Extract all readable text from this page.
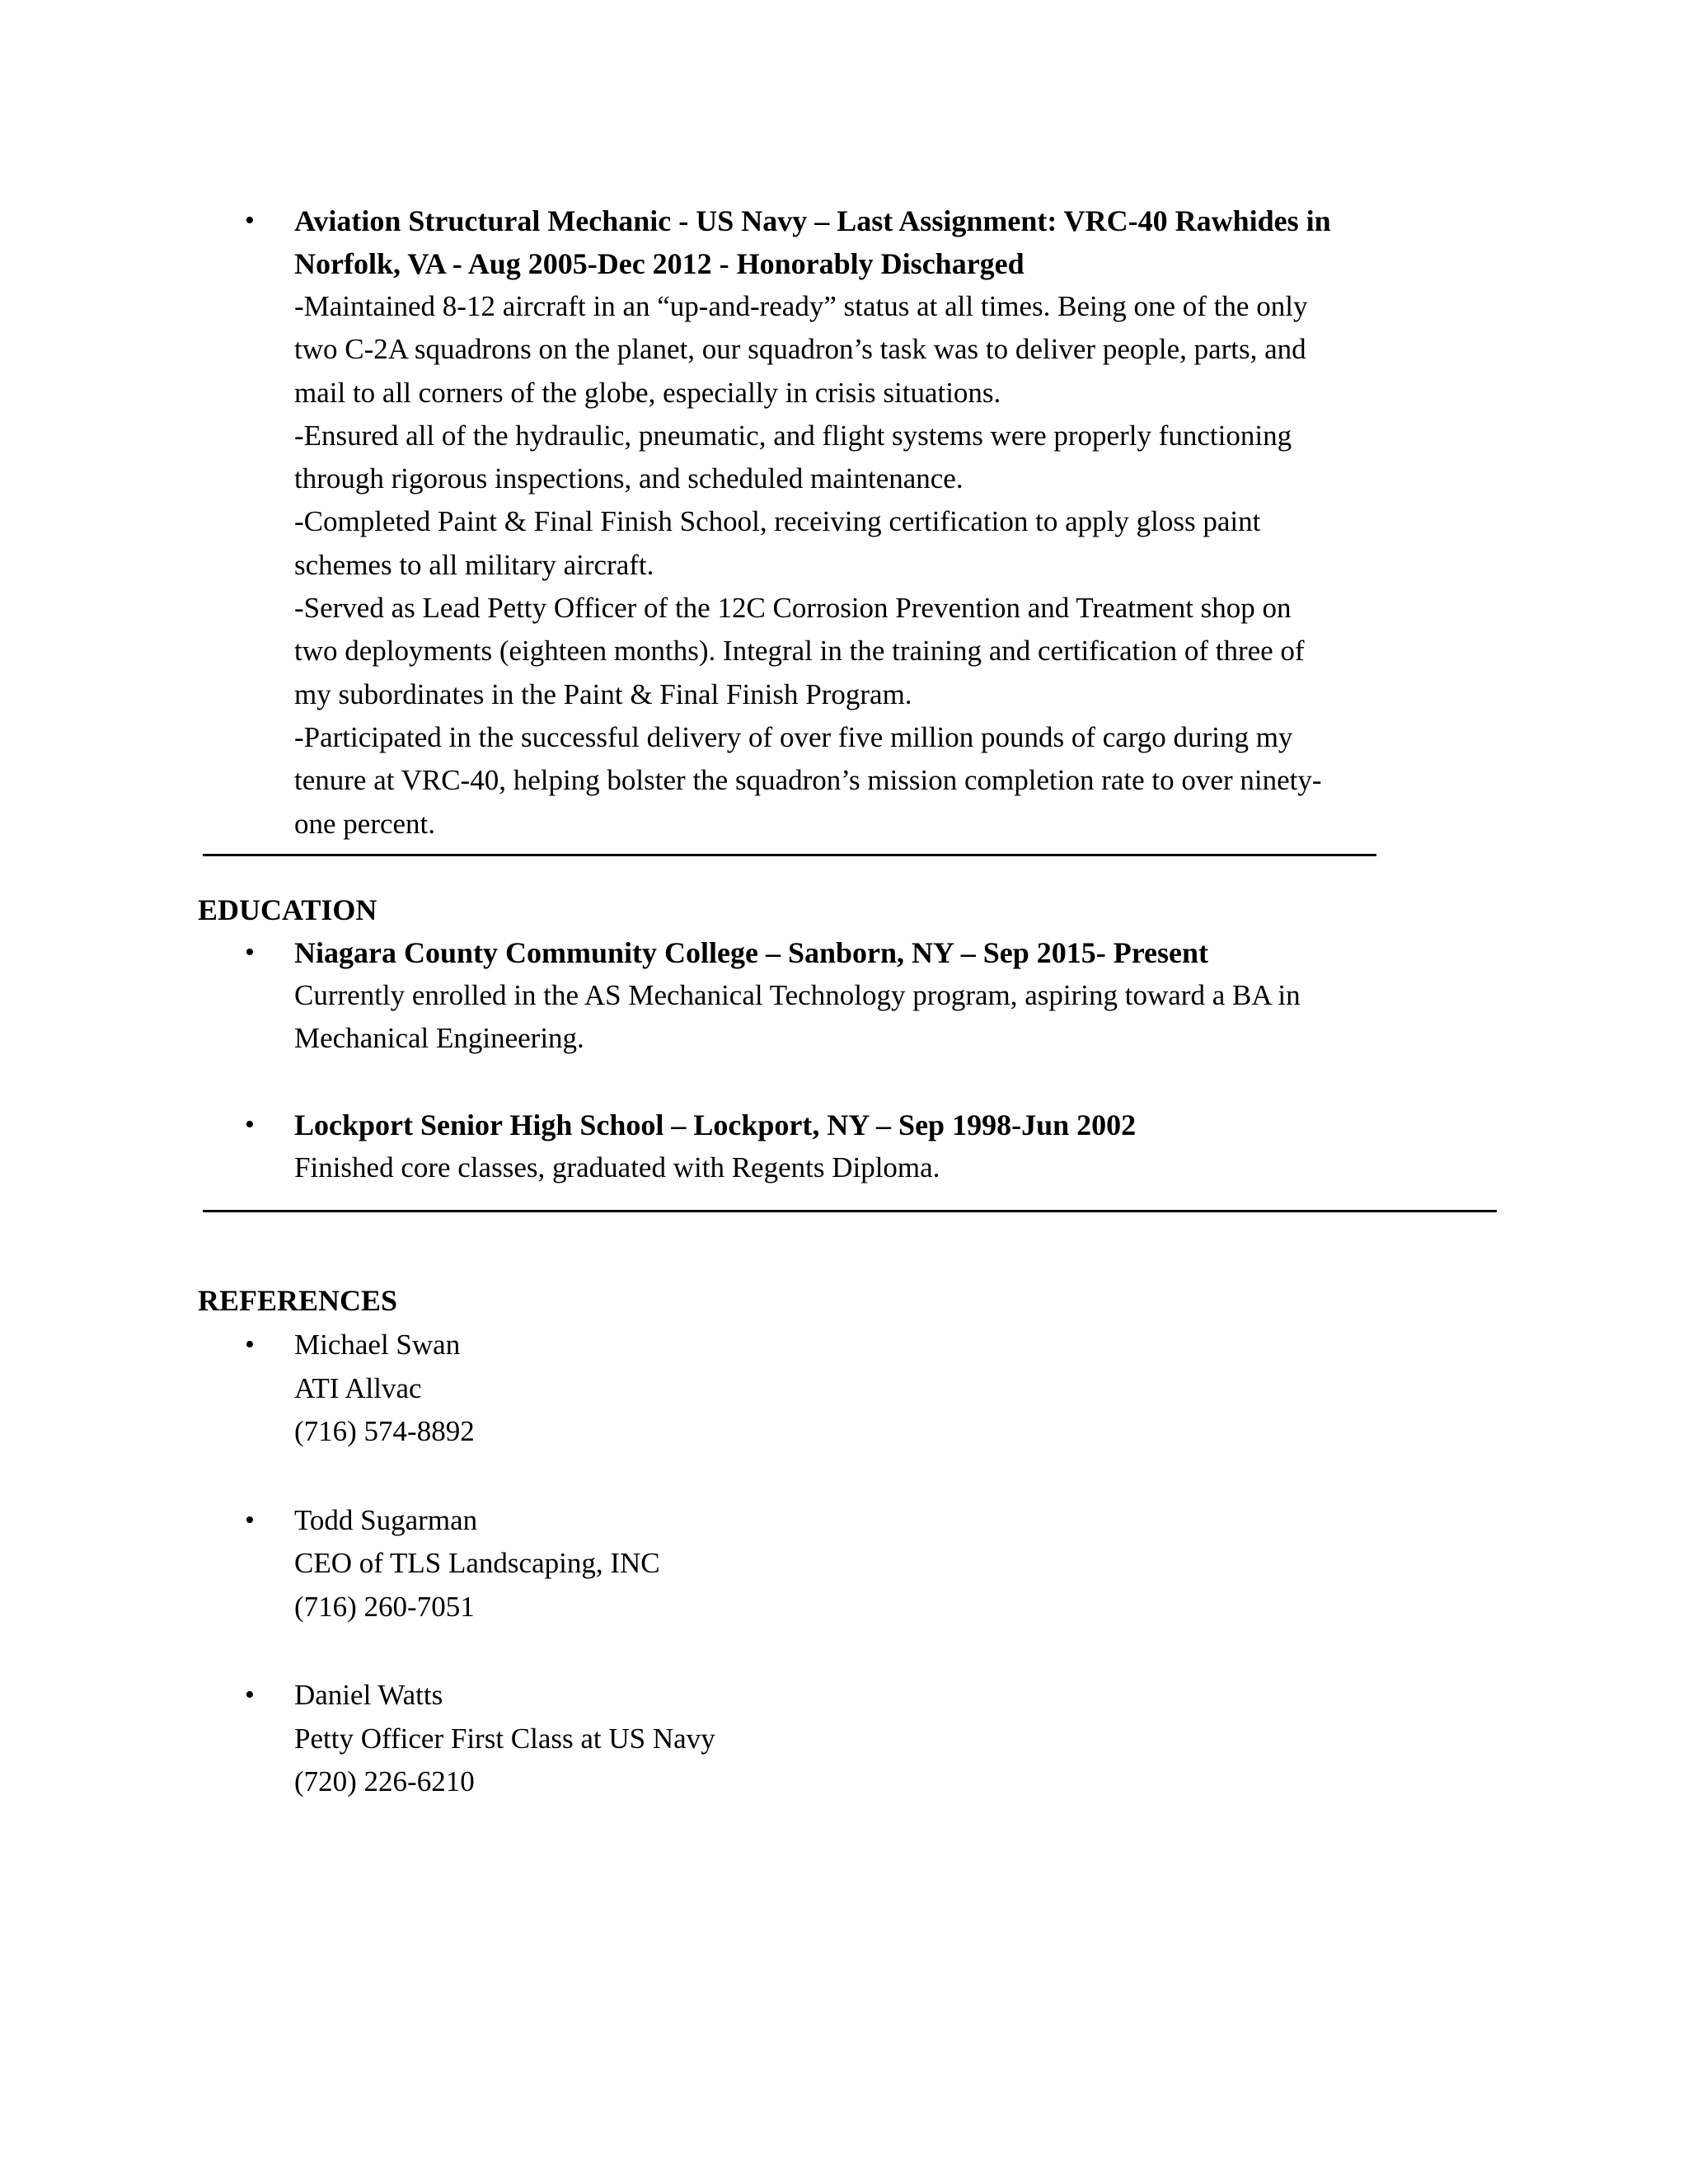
• Aviation Structural Mechanic - US Navy – Last Assignment: VRC-40 Rawhides in

Norfolk, VA - Aug 2005-Dec 2012 - Honorably Discharged

-Maintained 8-12 aircraft in an “up-and-ready” status at all times. Being one of the only

two C-2A squadrons on the planet, our squadron’s task was to deliver people, parts, and

mail to all corners of the globe, especially in crisis situations.

-Ensured all of the hydraulic, pneumatic, and flight systems were properly functioning

through rigorous inspections, and scheduled maintenance.

-Completed Paint & Final Finish School, receiving certification to apply gloss paint

schemes to all military aircraft.

-Served as Lead Petty Officer of the 12C Corrosion Prevention and Treatment shop on

two deployments (eighteen months). Integral in the training and certification of three of

my subordinates in the Paint & Final Finish Program.

-Participated in the successful delivery of over five million pounds of cargo during my

tenure at VRC-40, helping bolster the squadron’s mission completion rate to over ninety-

one percent.

EDUCATION

• Niagara County Community College – Sanborn, NY – Sep 2015- Present

Currently enrolled in the AS Mechanical Technology program, aspiring toward a BA in

Mechanical Engineering.

• Lockport Senior High School – Lockport, NY – Sep 1998-Jun 2002

Finished core classes, graduated with Regents Diploma.

REFERENCES

• Michael Swan

ATI Allvac

(716) 574-8892

• Todd Sugarman

CEO of TLS Landscaping, INC

(716) 260-7051

• Daniel Watts

Petty Officer First Class at US Navy

(720) 226-6210
